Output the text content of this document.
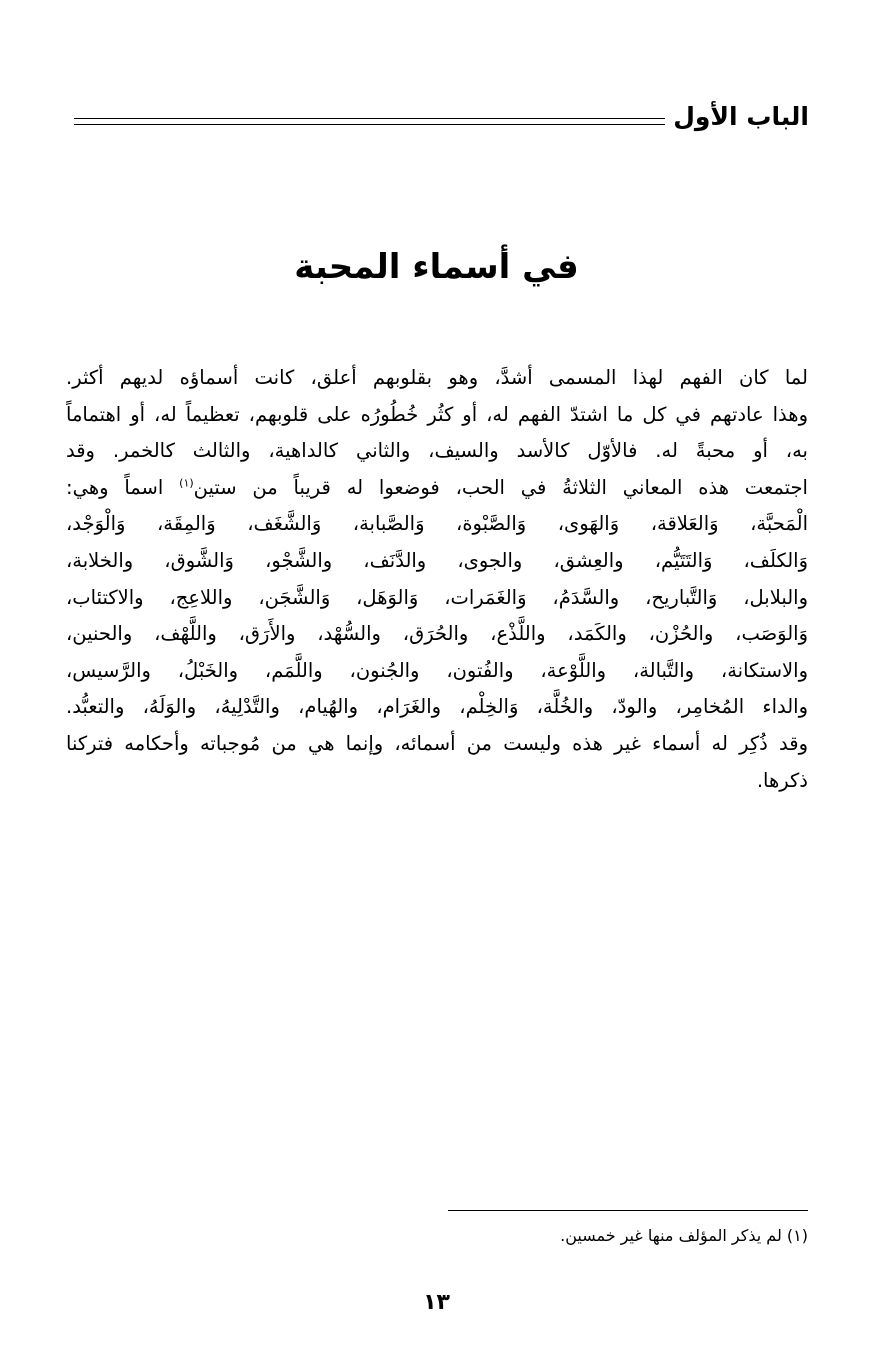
الباب الأول
في أسماء المحبة
لما كان الفهم لهذا المسمى أشدَّ، وهو بقلوبهم أعلق، كانت أسماؤه لديهم أكثر.
وهذا عادتهم في كل ما اشتدّ الفهم له، أو كثُر خُطُورُه على قلوبهم، تعظيماً له، أو اهتماماً
به، أو محبةً له. فالأوّل كالأسد والسيف، والثاني كالداهية، والثالث كالخمر. وقد
اجتمعت هذه المعاني الثلاثةُ في الحب، فوضعوا له قريباً من ستين$^{(١)}$ اسماً وهي:
الْمَحبَّة، وَالعَلاقة، وَالهَوى، وَالصَّبْوة، وَالصَّبابة، وَالشَّغَف، وَالمِقَة، وَالْوَجْد،
وَالكلَف، وَالتَتَيُّم، والعِشق، والجوى، والدَّنَف، والشَّجْو، وَالشَّوق، والخلابة،
والبلابل، وَالتَّباريح، والسَّدَمُ، وَالغَمَرات، وَالوَهَل، وَالشَّجَن، واللاعِج، والاكتئاب،
وَالوَصَب، والحُزْن، والكَمَد، واللَّذْع، والحُرَق، والسُّهْد، والأَرَق، واللَّهْف، والحنين،
والاستكانة، والتَّبالة، واللَّوْعة، والفُتون، والجُنون، واللَّمَم، والخَبْلُ، والرَّسيس،
والداء المُخامِر، والودّ، والخُلَّة، وَالخِلْم، والغَرَام، والهُيام، والتَّدْلِيهُ، والوَلَهُ، والتعبُّد.
وقد ذُكِر له أسماء غير هذه وليست من أسمائه، وإنما هي من مُوجباته وأحكامه فتركنا
ذكرها.
(١) لم يذكر المؤلف منها غير خمسين.
١٣
